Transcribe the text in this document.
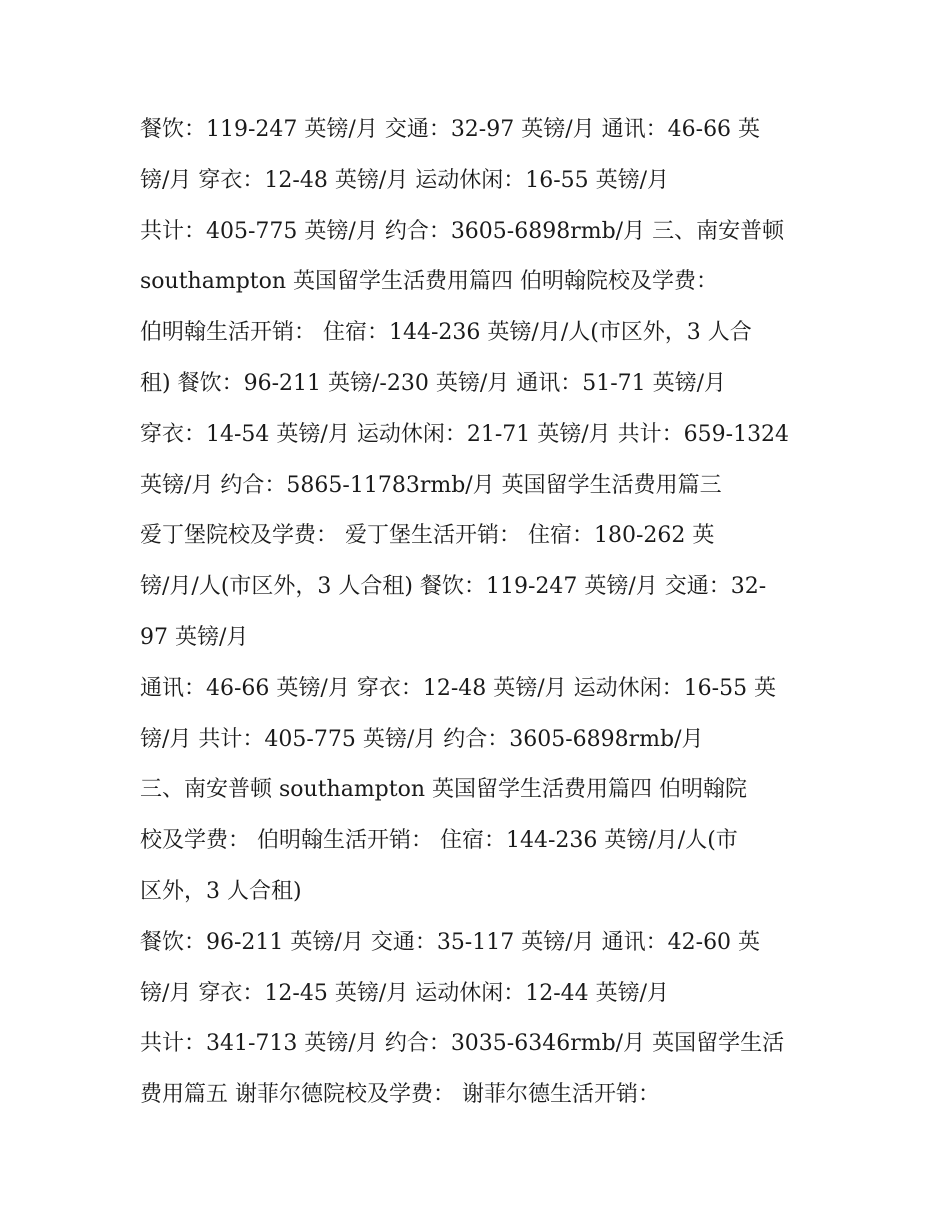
餐饮：119-247 英镑/月 交通：32-97 英镑/月 通讯：46-66 英
镑/月 穿衣：12-48 英镑/月 运动休闲：16-55 英镑/月
共计：405-775 英镑/月 约合：3605-6898rmb/月 三、南安普顿
southampton 英国留学生活费用篇四 伯明翰院校及学费：
伯明翰生活开销： 住宿：144-236 英镑/月/人(市区外，3 人合
租) 餐饮：96-211 英镑/-230 英镑/月 通讯：51-71 英镑/月
穿衣：14-54 英镑/月 运动休闲：21-71 英镑/月 共计：659-1324
英镑/月 约合：5865-11783rmb/月 英国留学生活费用篇三
爱丁堡院校及学费： 爱丁堡生活开销： 住宿：180-262 英
镑/月/人(市区外，3 人合租) 餐饮：119-247 英镑/月 交通：32-
97 英镑/月
通讯：46-66 英镑/月 穿衣：12-48 英镑/月 运动休闲：16-55 英
镑/月 共计：405-775 英镑/月 约合：3605-6898rmb/月
三、南安普顿 southampton 英国留学生活费用篇四 伯明翰院
校及学费： 伯明翰生活开销： 住宿：144-236 英镑/月/人(市
区外，3 人合租)
餐饮：96-211 英镑/月 交通：35-117 英镑/月 通讯：42-60 英
镑/月 穿衣：12-45 英镑/月 运动休闲：12-44 英镑/月
共计：341-713 英镑/月 约合：3035-6346rmb/月 英国留学生活
费用篇五 谢菲尔德院校及学费： 谢菲尔德生活开销：
